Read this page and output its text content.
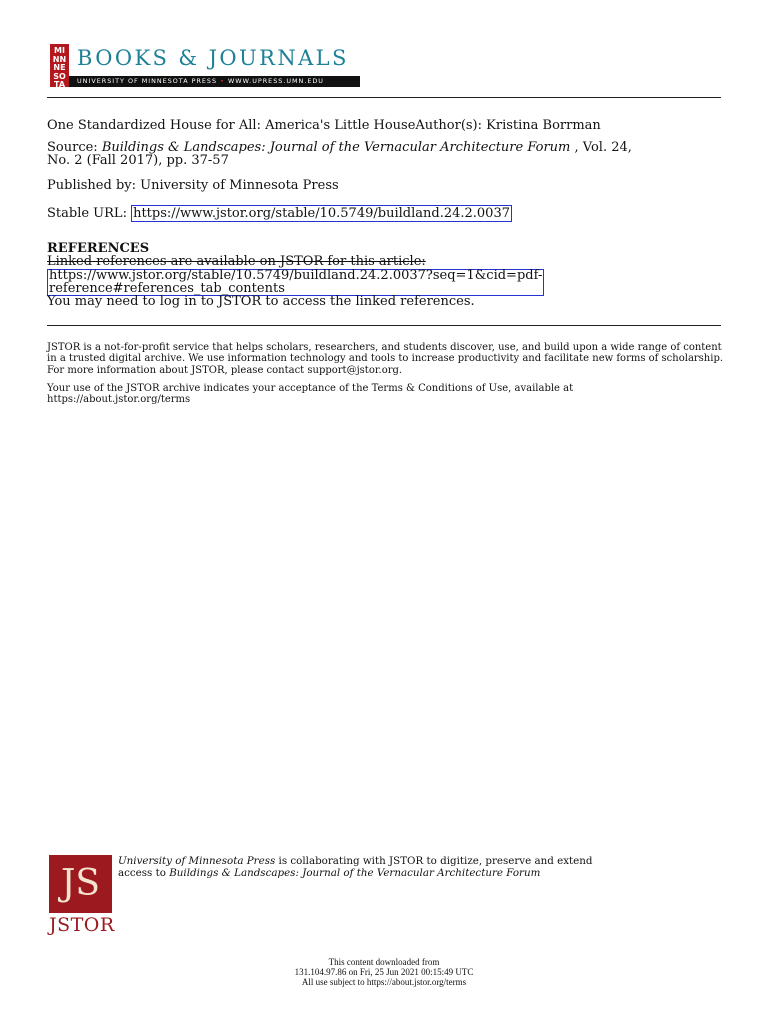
MI
NN
NE
SO
TA
BOOKS & JOURNALS
UNIVERSITY OF MINNESOTA PRESS • WWW.UPRESS.UMN.EDU
One Standardized House for All: America's Little HouseAuthor(s): Kristina Borrman
Source: Buildings & Landscapes: Journal of the Vernacular Architecture Forum , Vol. 24,
No. 2 (Fall 2017), pp. 37-57
Published by: University of Minnesota Press
Stable URL: https://www.jstor.org/stable/10.5749/buildland.24.2.0037
REFERENCES
Linked references are available on JSTOR for this article:
https://www.jstor.org/stable/10.5749/buildland.24.2.0037?seq=1&cid=pdf-
reference#references_tab_contents
You may need to log in to JSTOR to access the linked references.
JSTOR is a not-for-profit service that helps scholars, researchers, and students discover, use, and build upon a wide range of content in a trusted digital archive. We use information technology and tools to increase productivity and facilitate new forms of scholarship. For more information about JSTOR, please contact support@jstor.org.
Your use of the JSTOR archive indicates your acceptance of the Terms & Conditions of Use, available at
https://about.jstor.org/terms
JS
JSTOR
University of Minnesota Press is collaborating with JSTOR to digitize, preserve and extend
access to Buildings & Landscapes: Journal of the Vernacular Architecture Forum
This content downloaded from
131.104.97.86 on Fri, 25 Jun 2021 00:15:49 UTC
All use subject to https://about.jstor.org/terms
